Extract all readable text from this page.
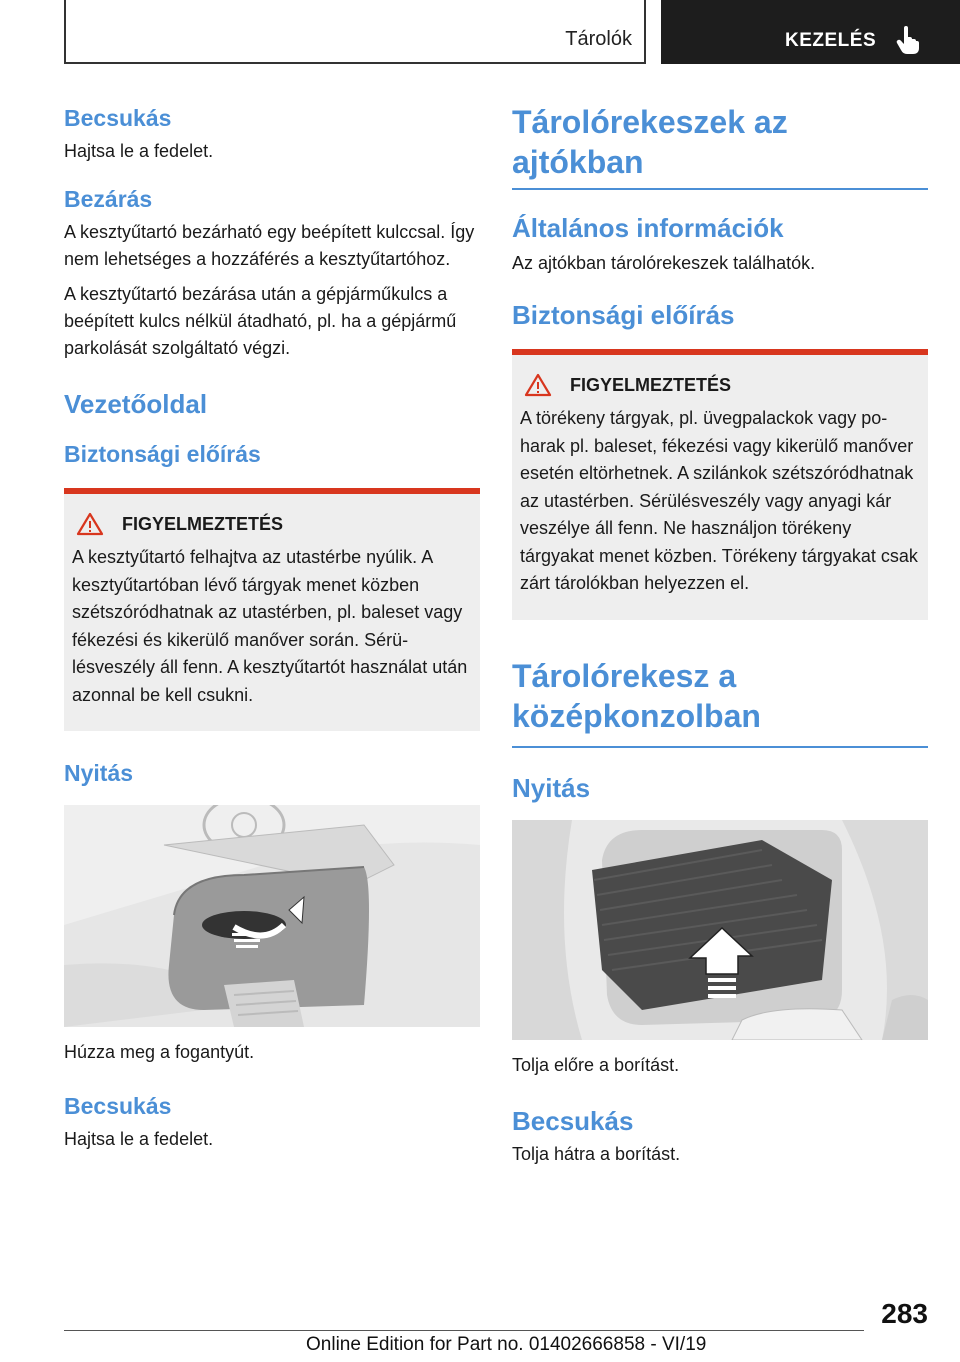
Tárolók	KEZELÉS
Becsukás

Hajtsa le a fedelet.

Bezárás

A kesztyűtartó bezárható egy beépített kulccsal. Így nem lehetséges a hozzáférés a kesztyűtartóhoz.

A kesztyűtartó bezárása után a gépjárműkulcs a beépített kulcs nélkül átadható, pl. ha a gépjármű parkolását szolgáltató végzi.

Vezetőoldal
Biztonsági előírás
FIGYELMEZTETÉS

A kesztyűtartó felhajtva az utastérbe nyúlik. A kesztyűtartóban lévő tárgyak menet közben szétszóródhatnak az utastérben, pl. baleset vagy fékezési és kikerülő manőver során. Sérülésveszély áll fenn. A kesztyűtartót használat után azonnal be kell csukni.

Nyitás

Húzza meg a fogantyút.

Becsukás

Hajtsa le a fedelet.

Tárolórekeszek az ajtókban
Általános információk

Az ajtókban tárolórekeszek találhatók.

Biztonsági előírás
FIGYELMEZTETÉS

A törékeny tárgyak, pl. üvegpalackok vagy poharak pl. baleset, fékezési vagy kikerülő manőver esetén eltörhetnek. A szilánkok szétszóródhatnak az utastérben. Sérülésveszély vagy anyagi kár veszélye áll fenn. Ne használjon törékeny tárgyakat menet közben. Törékeny tárgyakat csak zárt tárolókban helyezzen el.

Tárolórekesz a középkonzolban
Nyitás

Tolja előre a borítást.

Becsukás

Tolja hátra a borítást.

283
Online Edition for Part no. 01402666858 - VI/19
